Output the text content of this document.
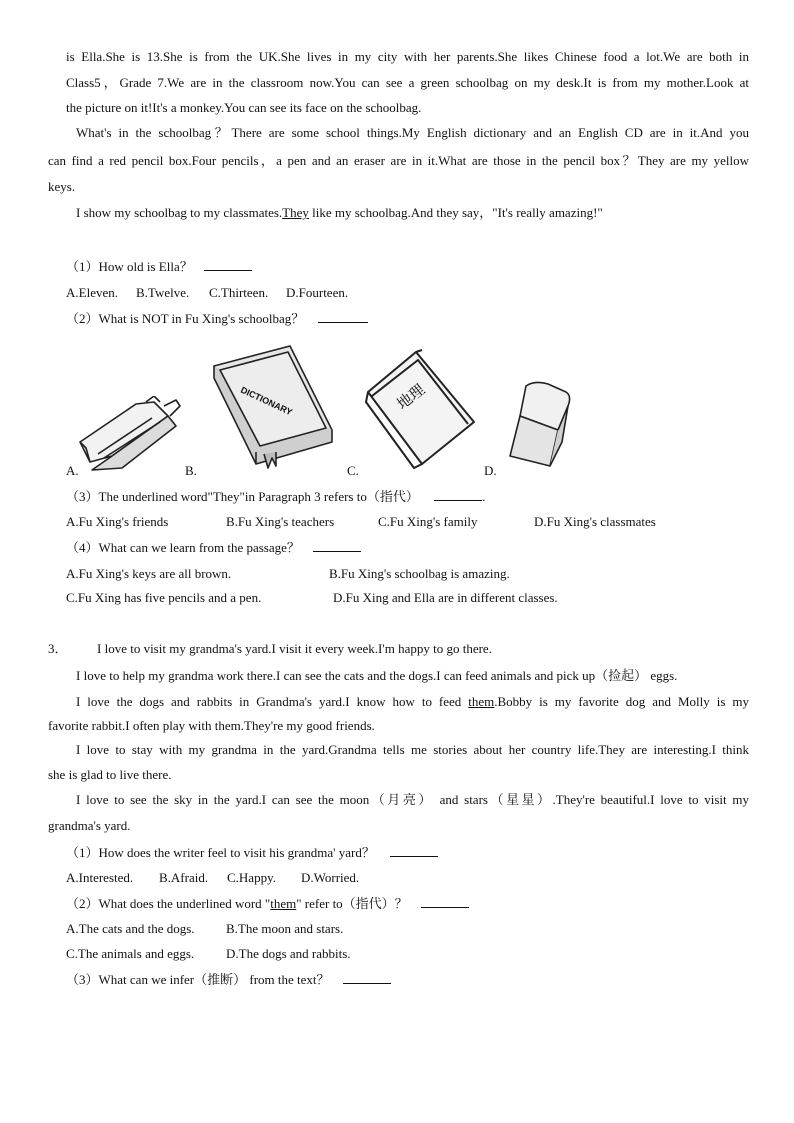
is Ella.She is 13.She is from the UK.She lives in my city with her parents.She likes Chinese food a lot.We are both in
Class5，Grade 7.We are in the classroom now.You can see a green schoolbag on my desk.It is from my mother.Look at
the picture on it!It's a monkey.You can see its face on the schoolbag.
What's in the schoolbag？There are some school things.My English dictionary and an English CD are in it.And you
can find a red pencil box.Four pencils，a pen and an eraser are in it.What are those in the pencil box？They are my yellow
keys.
I show my schoolbag to my classmates.They like my schoolbag.And they say，"It's really amazing!"
（1）How old is Ella？
A.Eleven. B.Twelve. C.Thirteen. D.Fourteen.
（2）What is NOT in Fu Xing's schoolbag？
DICTIONARY	地理
A.	B.	C.	D.
（3）The underlined word"They"in Paragraph 3 refers to（指代）	.
A.Fu Xing's friends	B.Fu Xing's teachers	C.Fu Xing's family	D.Fu Xing's classmates
（4）What can we learn from the passage？
A.Fu Xing's keys are all brown.	B.Fu Xing's schoolbag is amazing.
C.Fu Xing has five pencils and a pen.	D.Fu Xing and Ella are in different classes.
3． I love to visit my grandma's yard.I visit it every week.I'm happy to go there.
I love to help my grandma work there.I can see the cats and the dogs.I can feed animals and pick up（捡起） eggs.
I love the dogs and rabbits in Grandma's yard.I know how to feed them.Bobby is my favorite dog and Molly is my
favorite rabbit.I often play with them.They're my good friends.
I love to stay with my grandma in the yard.Grandma tells me stories about her country life.They are interesting.I think
she is glad to live there.
I love to see the sky in the yard.I can see the moon（月亮） and stars（星星）.They're beautiful.I love to visit my
grandma's yard.
（1）How does the writer feel to visit his grandma' yard？
A.Interested. B.Afraid. C.Happy. D.Worried.
（2）What does the underlined word "them" refer to（指代）？
A.The cats and the dogs. B.The moon and stars.
C.The animals and eggs. D.The dogs and rabbits.
（3）What can we infer（推断） from the text？
